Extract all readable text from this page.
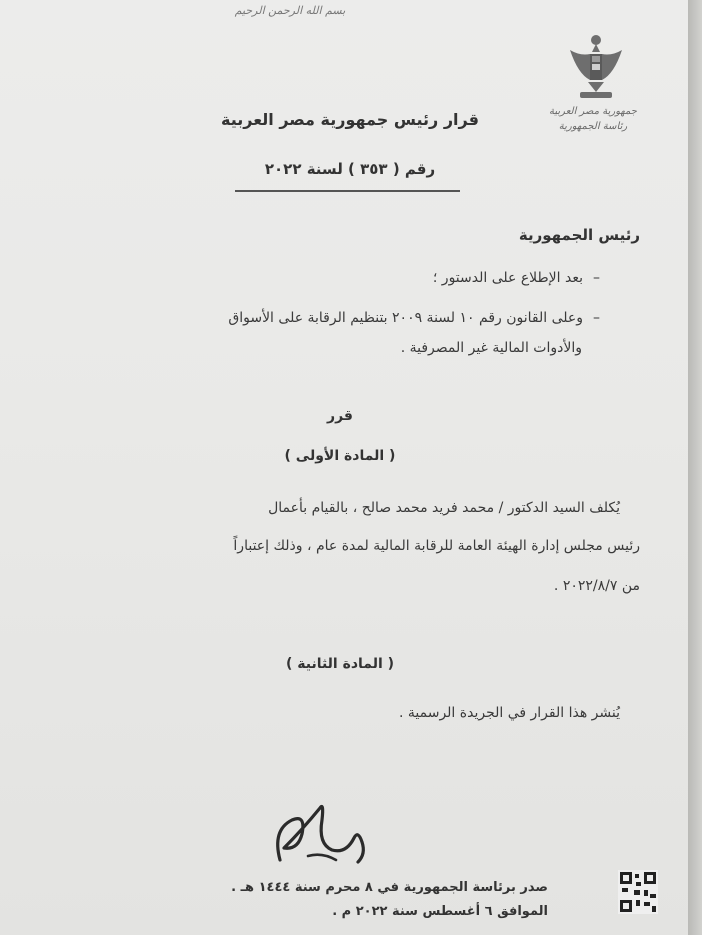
بسم الله الرحمن الرحيم
جمهورية مصر العربية
رئاسة الجمهورية
قرار رئيس جمهورية مصر العربية
رقم ( ٣٥٣ ) لسنة ٢٠٢٢
رئيس الجمهورية
–بعد الإطلاع على الدستور ؛
–وعلى القانون رقم ١٠ لسنة ٢٠٠٩ بتنظيم الرقابة على الأسواق
والأدوات المالية غير المصرفية .
قرر
( المادة الأولى )
يُكلف السيد الدكتور / محمد فريد محمد صالح ، بالقيام بأعمال
رئيس مجلس إدارة الهيئة العامة للرقابة المالية لمدة عام ، وذلك إعتباراً
من ٢٠٢٢/٨/٧ .
( المادة الثانية )
يُنشر هذا القرار في الجريدة الرسمية .
صدر برئاسة الجمهورية في ٨ محرم سنة ١٤٤٤ هـ .
الموافق ٦ أغسطس سنة ٢٠٢٢ م .
